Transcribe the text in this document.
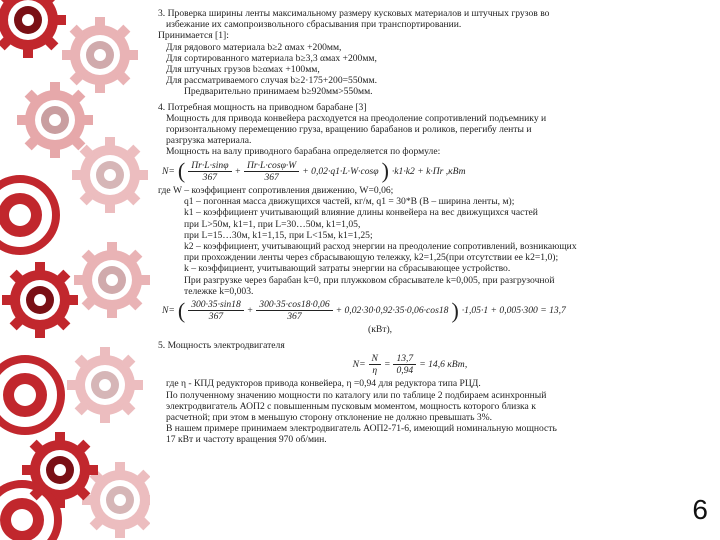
3. Проверка ширины ленты максимальному размеру кусковых материалов и штучных грузов во

избежание их самопроизвольного сбрасывания при транспортировании.

Принимается [1]:

Для рядового материала b≥2 αмах +200мм,

Для сортированного материала b≥3,3 αмах +200мм,

Для штучных грузов b≥αмах +100мм,

Для рассматриваемого случая b≥2·175+200=550мм.

Предварительно принимаем b≥920мм>550мм.

4. Потребная мощность на приводном барабане [3]

Мощность для привода конвейера расходуется на преодоление сопротивлений подъемнику и

горизонтальному перемещению груза, вращению барабанов и роликов, перегибу ленты и

разгрузка материала.

Мощность на валу приводного барабана определяется по формуле:

N= ( $\frac{Пr\cdot L\cdot\sin\varphi}{367} + \frac{Пr\cdot L\cdot\cos\varphi\cdot W}{367} + 0,02\cdot q1\cdot L\cdot W\cdot\cos\varphi$ ) ·k1·k2 + k·Пr ,кВт

где W – коэффициент сопротивления движению, W=0,06;

q1 – погонная масса движущихся частей, кг/м, q1 = 30*В (В – ширина ленты, м);

k1 – коэффициент учитывающий влияние длины конвейера на вес движущихся частей

при L>50м, k1=1, при L=30…50м, k1=1,05,

при L=15…30м, k1=1,15, при L<15м, k1=1,25;

k2 – коэффициент, учитывающий расход энергии на преодоление сопротивлений, возникающих

при прохождении ленты через сбрасывающую тележку, k2=1,25(при отсутствии ее k2=1,0);

k – коэффициент, учитывающий затраты энергии на сбрасывающее устройство.

При разгрузке через барабан k=0, при плужковом сбрасывателе k=0,005, при разгрузочной

тележке k=0,003.

N= ( $\frac{300\cdot 35\cdot\sin 18}{367} + \frac{300\cdot 35\cdot\cos 18\cdot 0,06}{367} + 0,02\cdot 30\cdot 0,92\cdot 35\cdot 0,06\cdot\cos 18$ ) ·1,05·1 + 0,005·300 = 13,7

(кВт),

5. Мощность электродвигателя

$N= \frac{N}{\eta} = \frac{13,7}{0,94} = 14,6$ кВт,

где η - КПД редукторов привода конвейера, η =0,94 для редуктора типа РЦД.

По полученному значению мощности по каталогу или по таблице 2 подбираем асинхронный

электродвигатель АОП2 с повышенным пусковым моментом, мощность которого близка к

расчетной; при этом в меньшую сторону отклонение не должно превышать 3%.

В нашем примере принимаем электродвигатель АОП2-71-6, имеющий номинальную мощность

17 кВт и частоту вращения 970 об/мин.

6
